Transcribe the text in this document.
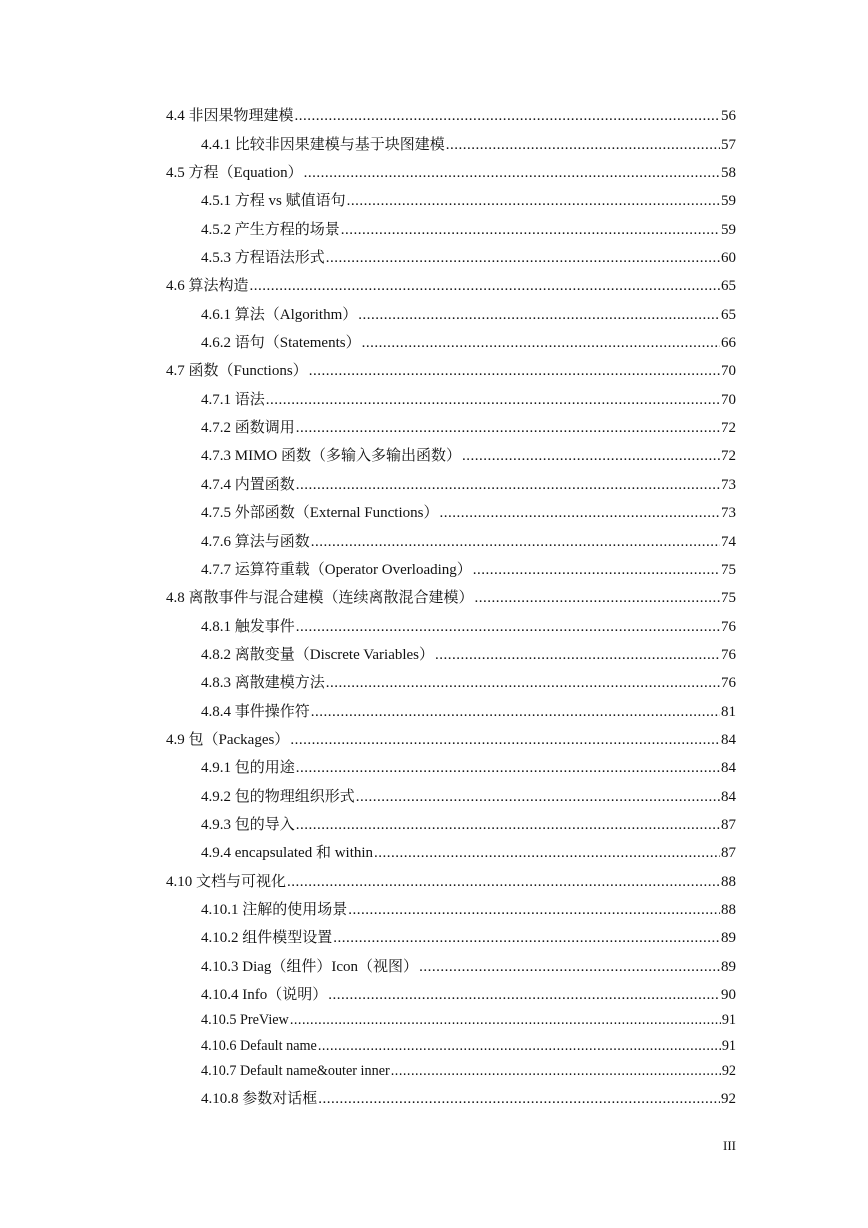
4.4 非因果物理建模 .....	56
4.4.1 比较非因果建模与基于块图建模 .....	57
4.5 方程（Equation） .....	58
4.5.1 方程 vs 赋值语句 .....	59
4.5.2 产生方程的场景 .....	59
4.5.3 方程语法形式 .....	60
4.6 算法构造 .....	65
4.6.1 算法（Algorithm） .....	65
4.6.2 语句（Statements） .....	66
4.7 函数（Functions） .....	70
4.7.1 语法 .....	70
4.7.2 函数调用 .....	72
4.7.3 MIMO 函数（多输入多输出函数） .....	72
4.7.4 内置函数 .....	73
4.7.5 外部函数（External Functions） .....	73
4.7.6 算法与函数 .....	74
4.7.7 运算符重载（Operator Overloading） .....	75
4.8 离散事件与混合建模（连续离散混合建模） .....	75
4.8.1 触发事件 .....	76
4.8.2 离散变量（Discrete Variables） .....	76
4.8.3 离散建模方法 .....	76
4.8.4 事件操作符 .....	81
4.9 包（Packages） .....	84
4.9.1 包的用途 .....	84
4.9.2 包的物理组织形式 .....	84
4.9.3 包的导入 .....	87
4.9.4 encapsulated 和 within .....	87
4.10 文档与可视化 .....	88
4.10.1 注解的使用场景 .....	88
4.10.2 组件模型设置 .....	89
4.10.3 Diag（组件）Icon（视图） .....	89
4.10.4 Info（说明） .....	90
4.10.5 PreView .....	91
4.10.6 Default name .....	91
4.10.7 Default name&outer inner .....	92
4.10.8 参数对话框 .....	92
III
